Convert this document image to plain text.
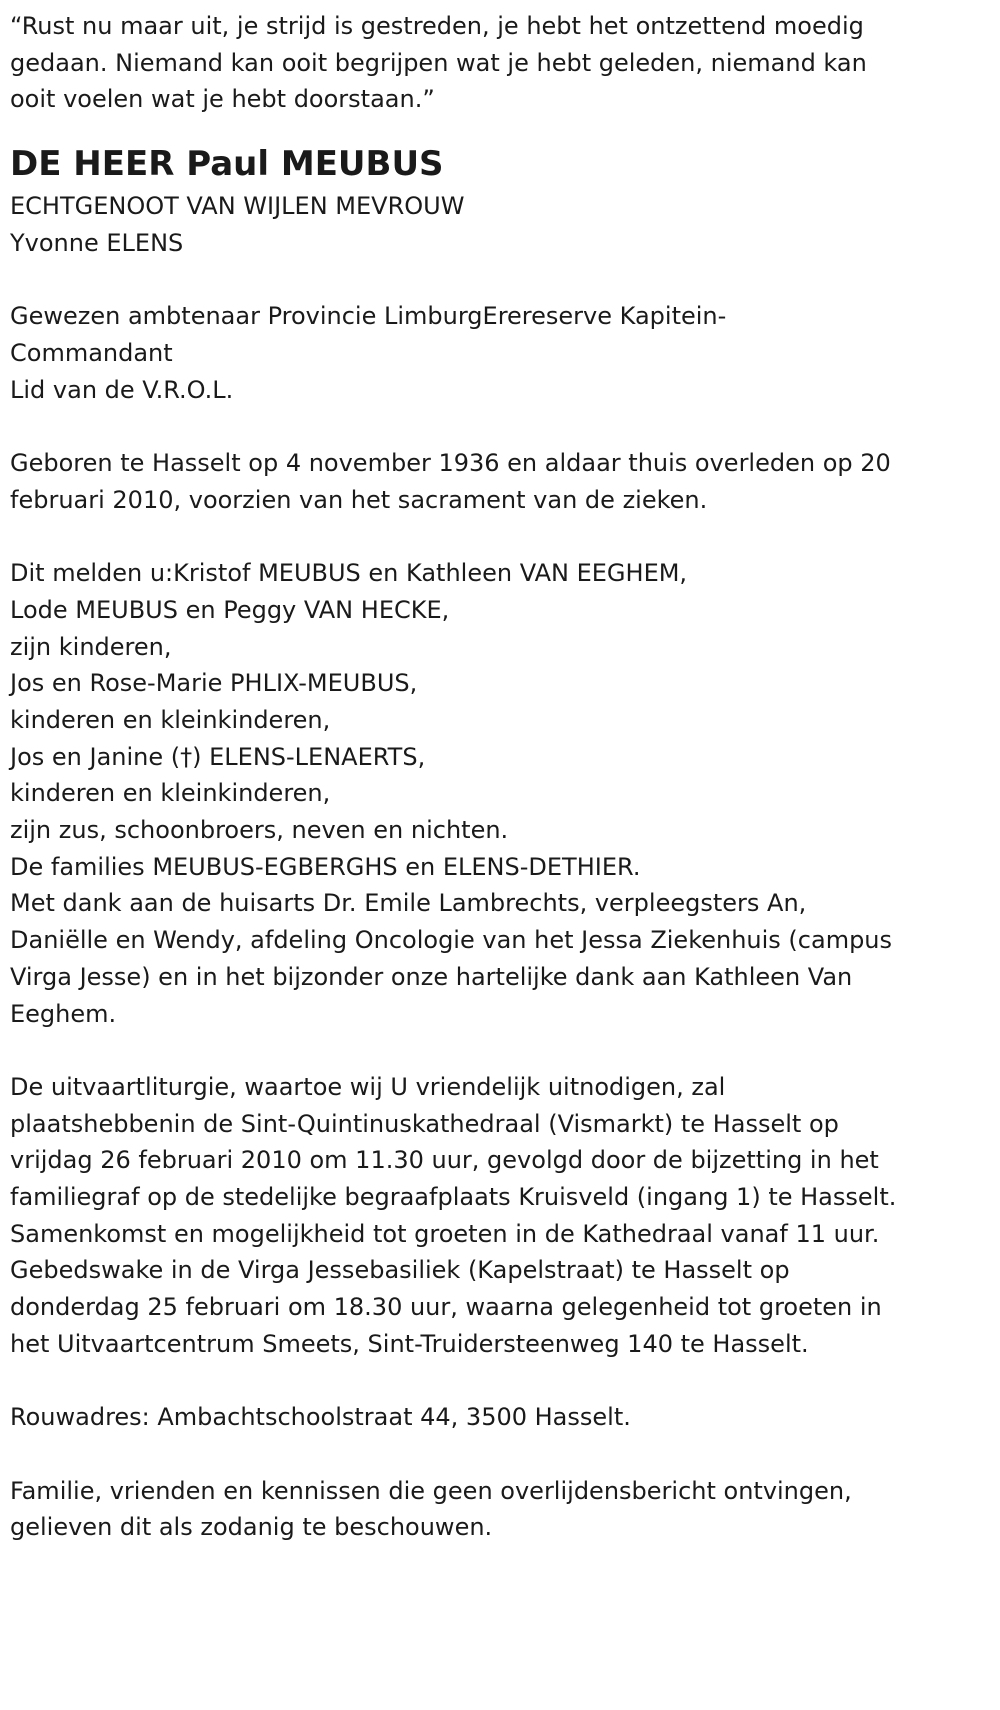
“Rust nu maar uit, je strijd is gestreden, je hebt het ontzettend moedig
gedaan. Niemand kan ooit begrijpen wat je hebt geleden, niemand kan
ooit voelen wat je hebt doorstaan.”

DE HEER Paul MEUBUS

ECHTGENOOT VAN WIJLEN MEVROUW
Yvonne ELENS

Gewezen ambtenaar Provincie LimburgErereserve Kapitein-
Commandant
Lid van de V.R.O.L.

Geboren te Hasselt op 4 november 1936 en aldaar thuis overleden op 20
februari 2010, voorzien van het sacrament van de zieken.

Dit melden u:Kristof MEUBUS en Kathleen VAN EEGHEM,
Lode MEUBUS en Peggy VAN HECKE,
zijn kinderen,
Jos en Rose-Marie PHLIX-MEUBUS,
kinderen en kleinkinderen,
Jos en Janine (†) ELENS-LENAERTS,
kinderen en kleinkinderen,
zijn zus, schoonbroers, neven en nichten.
De families MEUBUS-EGBERGHS en ELENS-DETHIER.
Met dank aan de huisarts Dr. Emile Lambrechts, verpleegsters An,
Daniëlle en Wendy, afdeling Oncologie van het Jessa Ziekenhuis (campus
Virga Jesse) en in het bijzonder onze hartelijke dank aan Kathleen Van
Eeghem.

De uitvaartliturgie, waartoe wij U vriendelijk uitnodigen, zal
plaatshebbenin de Sint-Quintinuskathedraal (Vismarkt) te Hasselt op
vrijdag 26 februari 2010 om 11.30 uur, gevolgd door de bijzetting in het
familiegraf op de stedelijke begraafplaats Kruisveld (ingang 1) te Hasselt.
Samenkomst en mogelijkheid tot groeten in de Kathedraal vanaf 11 uur.
Gebedswake in de Virga Jessebasiliek (Kapelstraat) te Hasselt op
donderdag 25 februari om 18.30 uur, waarna gelegenheid tot groeten in
het Uitvaartcentrum Smeets, Sint-Truidersteenweg 140 te Hasselt.

Rouwadres: Ambachtschoolstraat 44, 3500 Hasselt.

Familie, vrienden en kennissen die geen overlijdensbericht ontvingen,
gelieven dit als zodanig te beschouwen.
